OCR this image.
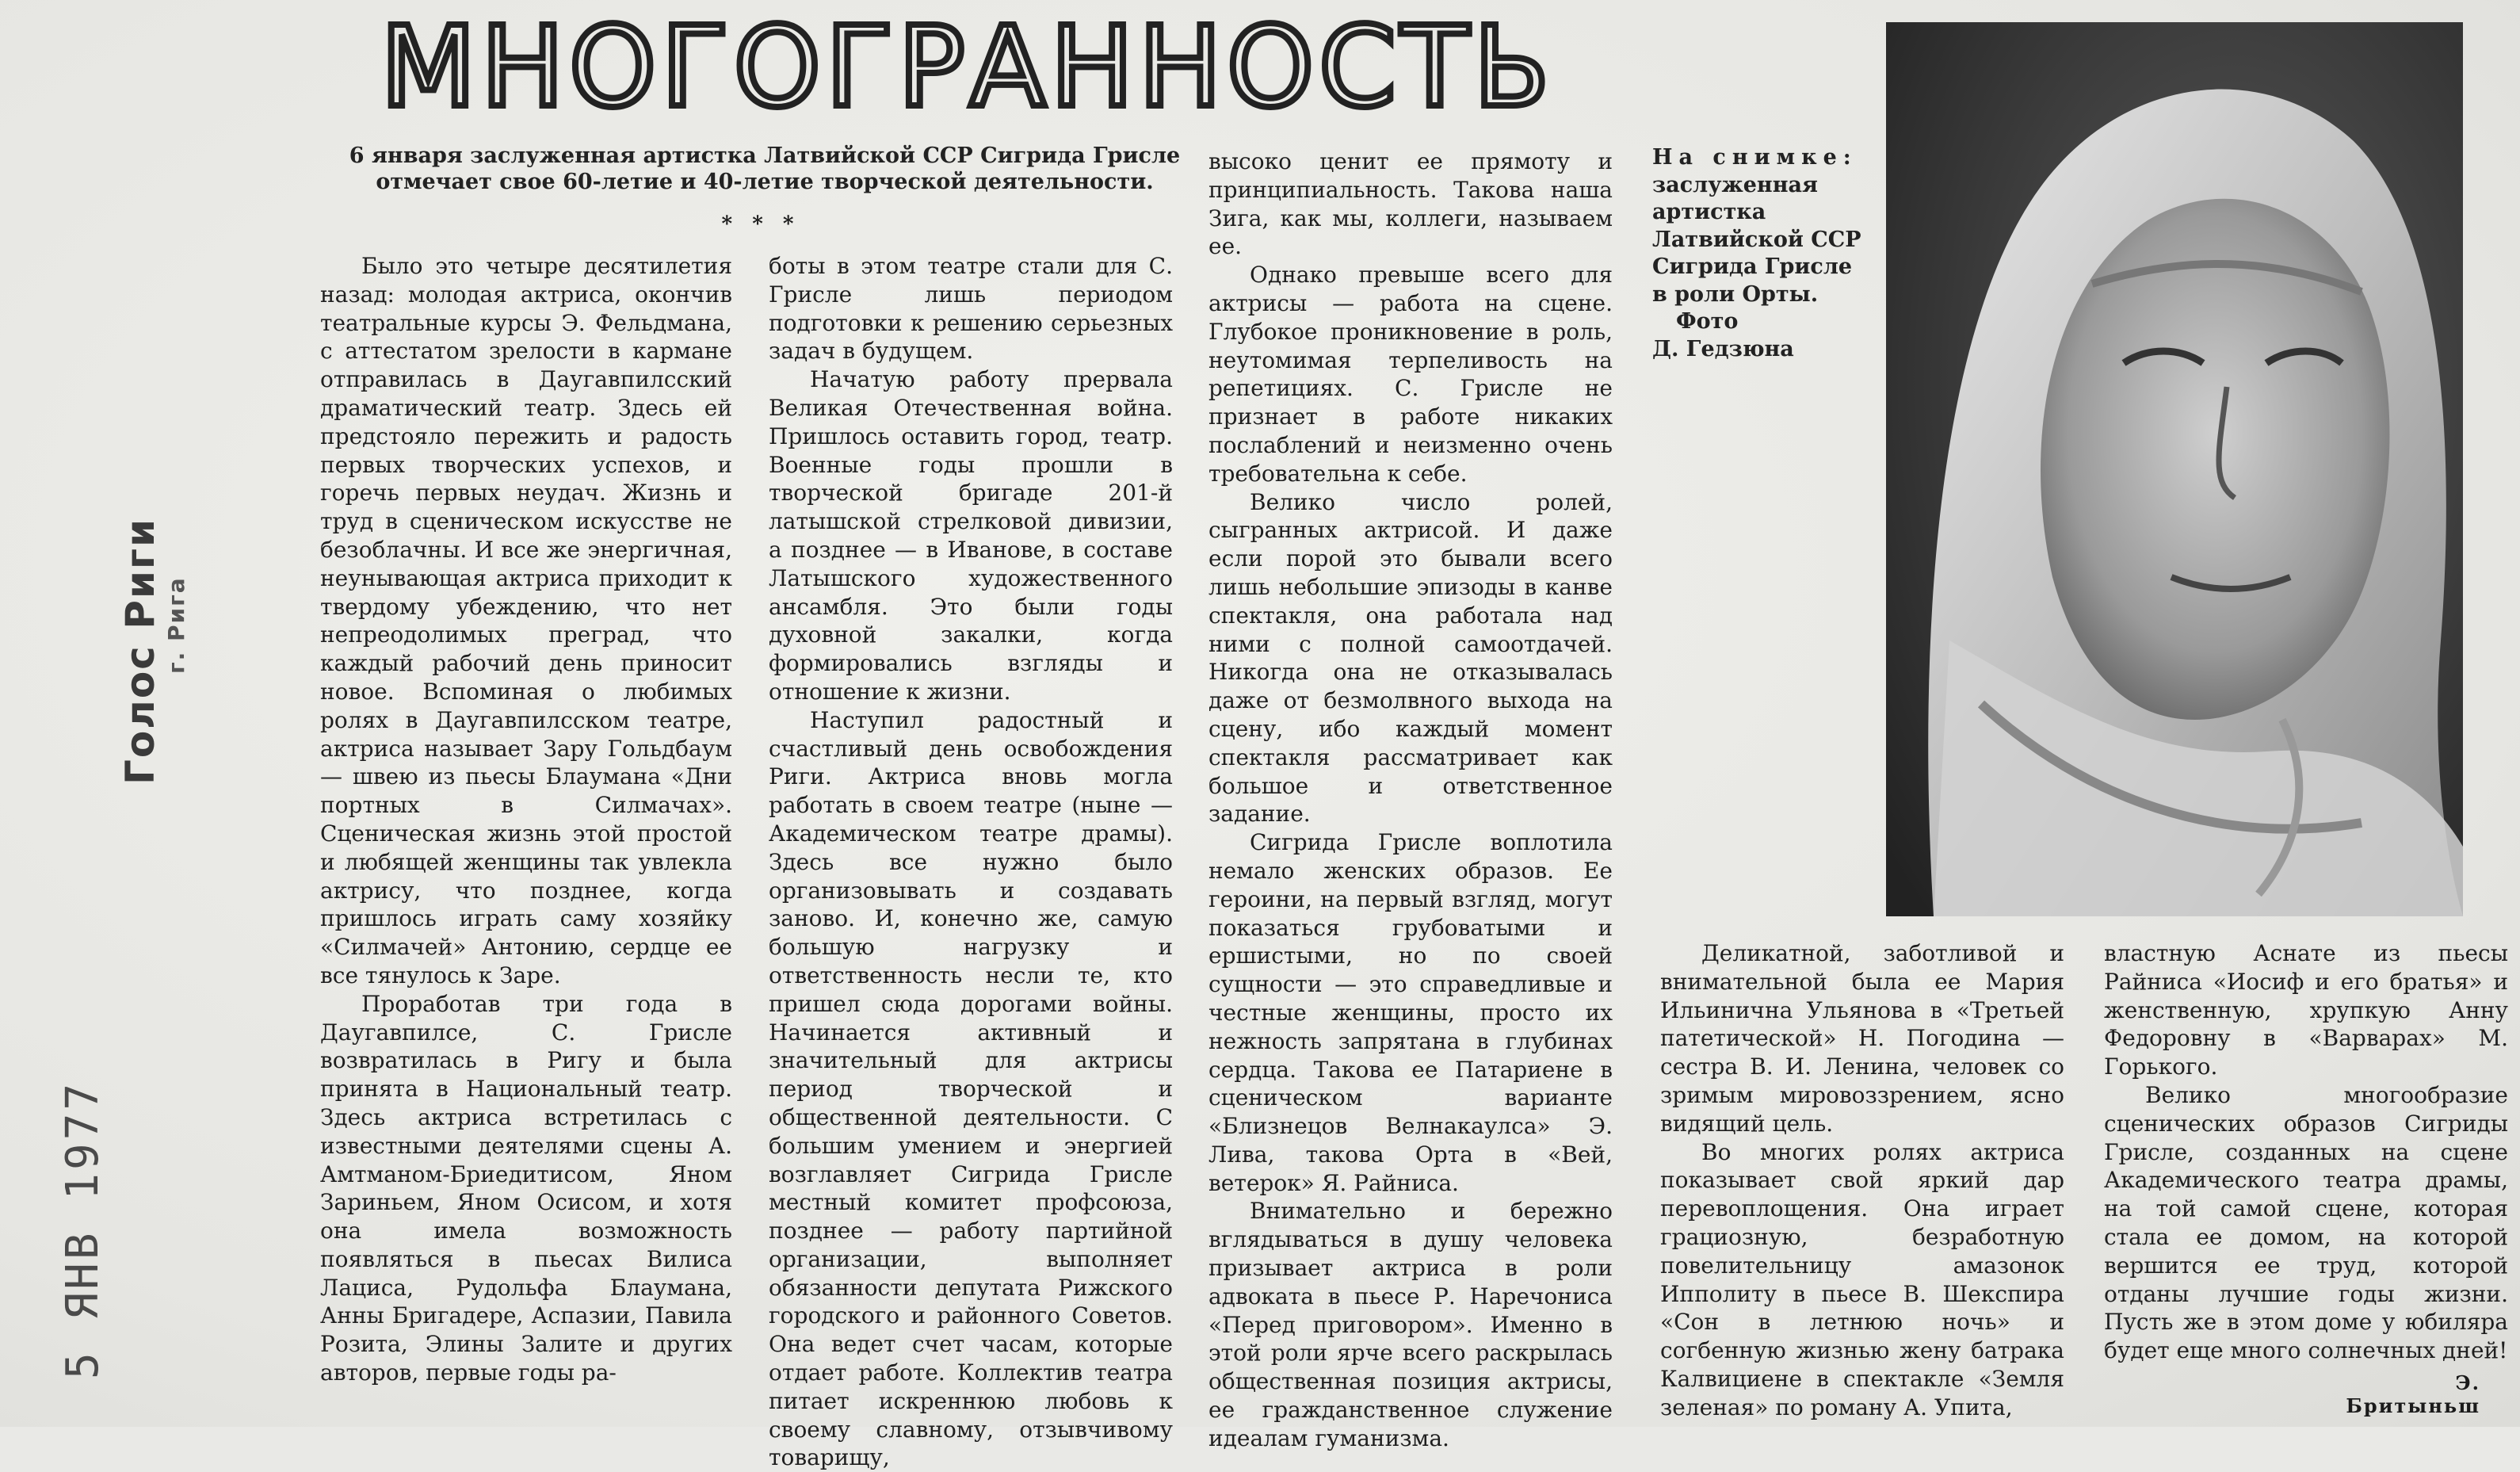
Голос Риги г. Рига
5 ЯНВ 1977
МНОГОГРАННОСТЬ
6 января заслуженная артистка Латвийской ССР Сигрида Грисле отмечает свое 60-летие и 40-летие творческой деятельности.
* * *

Было это четыре десятилетия назад: молодая актриса, окончив театральные курсы Э. Фельдмана, с аттестатом зрелости в кармане отправилась в Даугавпилсский драматический театр. Здесь ей предстояло пережить и радость первых творческих успехов, и горечь первых неудач. Жизнь и труд в сценическом искусстве не безоблачны. И все же энергичная, неунывающая актриса приходит к твердому убеждению, что нет непреодолимых преград, что каждый рабочий день приносит новое. Вспоминая о любимых ролях в Даугавпилсском театре, актриса называет Зару Гольдбаум — швею из пьесы Блаумана «Дни портных в Силмачах». Сценическая жизнь этой простой и любящей женщины так увлекла актрису, что позднее, когда пришлось играть саму хозяйку «Силмачей» Антонию, сердце ее все тянулось к Заре.

Проработав три года в Даугавпилсе, С. Грисле возвратилась в Ригу и была принята в Национальный театр. Здесь актриса встретилась с известными деятелями сцены А. Амтманом-Бриедитисом, Яном Зариньем, Яном Осисом, и хотя она имела возможность появляться в пьесах Вилиса Лациса, Рудольфа Блаумана, Анны Бригадере, Аспазии, Павила Розита, Элины Залите и других авторов, первые годы ра-

боты в этом театре стали для С. Грисле лишь периодом подготовки к решению серьезных задач в будущем.

Начатую работу прервала Великая Отечественная война. Пришлось оставить город, театр. Военные годы прошли в творческой бригаде 201-й латышской стрелковой дивизии, а позднее — в Иванове, в составе Латышского художественного ансамбля. Это были годы духовной закалки, когда формировались взгляды и отношение к жизни.

Наступил радостный и счастливый день освобождения Риги. Актриса вновь могла работать в своем театре (ныне — Академическом театре драмы). Здесь все нужно было организовывать и создавать заново. И, конечно же, самую большую нагрузку и ответственность несли те, кто пришел сюда дорогами войны. Начинается активный и значительный для актрисы период творческой и общественной деятельности. С большим умением и энергией возглавляет Сигрида Грисле местный комитет профсоюза, позднее — работу партийной организации, выполняет обязанности депутата Рижского городского и районного Советов. Она ведет счет часам, которые отдает работе. Коллектив театра питает искреннюю любовь к своему славному, отзывчивому товарищу,

высоко ценит ее прямоту и принципиальность. Такова наша Зига, как мы, коллеги, называем ее.

Однако превыше всего для актрисы — работа на сцене. Глубокое проникновение в роль, неутомимая терпеливость на репетициях. С. Грисле не признает в работе никаких послаблений и неизменно очень требовательна к себе.

Велико число ролей, сыгранных актрисой. И даже если порой это бывали всего лишь небольшие эпизоды в канве спектакля, она работала над ними с полной самоотдачей. Никогда она не отказывалась даже от безмолвного выхода на сцену, ибо каждый момент спектакля рассматривает как большое и ответственное задание.

Сигрида Грисле воплотила немало женских образов. Ее героини, на первый взгляд, могут показаться грубоватыми и ершистыми, но по своей сущности — это справедливые и честные женщины, просто их нежность запрятана в глубинах сердца. Такова ее Патариене в сценическом варианте «Близнецов Велнакаулса» Э. Лива, такова Орта в «Вей, ветерок» Я. Райниса.

Внимательно и бережно вглядываться в душу человека призывает актриса в роли адвоката в пьесе Р. Наречониса «Перед приговором». Именно в этой роли ярче всего раскрылась общественная позиция актрисы, ее гражданственное служение идеалам гуманизма.

На снимке: заслуженная артистка Латвийской ССР Сигрида Грисле в роли Орты.
Фото
Д. Гедзюна

Деликатной, заботливой и внимательной была ее Мария Ильинична Ульянова в «Третьей патетической» Н. Погодина — сестра В. И. Ленина, человек со зримым мировоззрением, ясно видящий цель.

Во многих ролях актриса показывает свой яркий дар перевоплощения. Она играет грациозную, безработную повелительницу амазонок Ипполиту в пьесе В. Шекспира «Сон в летнюю ночь» и согбенную жизнью жену батрака Калвициене в спектакле «Земля зеленая» по роману А. Упита,

властную Аснате из пьесы Райниса «Иосиф и его братья» и женственную, хрупкую Анну Федоровну в «Варварах» М. Горького.

Велико многообразие сценических образов Сигриды Грисле, созданных на сцене Академического театра драмы, на той самой сцене, которая стала ее домом, на которой вершится ее труд, которой отданы лучшие годы жизни. Пусть же в этом доме у юбиляра будет еще много солнечных дней!

Э. Бритыньш
